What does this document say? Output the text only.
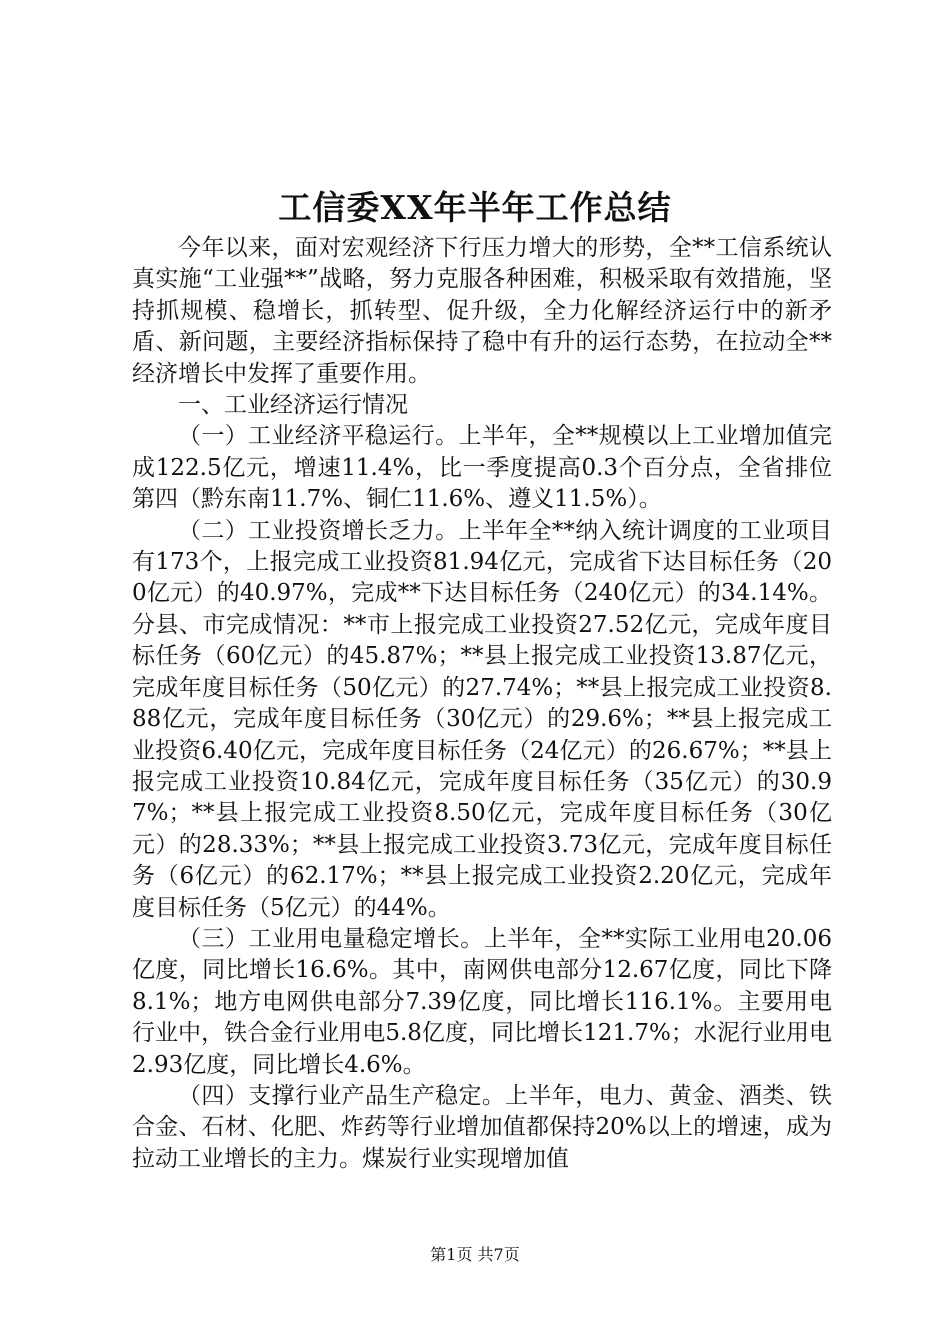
工信委XX年半年工作总结

今年以来，面对宏观经济下行压力增大的形势，全**工信系统认真实施“工业强**”战略，努力克服各种困难，积极采取有效措施，坚持抓规模、稳增长，抓转型、促升级，全力化解经济运行中的新矛盾、新问题，主要经济指标保持了稳中有升的运行态势，在拉动全**经济增长中发挥了重要作用。

一、工业经济运行情况

（一）工业经济平稳运行。上半年，全**规模以上工业增加值完成122.5亿元，增速11.4%，比一季度提高0.3个百分点，全省排位第四（黔东南11.7%、铜仁11.6%、遵义11.5%）。

（二）工业投资增长乏力。上半年全**纳入统计调度的工业项目有173个，上报完成工业投资81.94亿元，完成省下达目标任务（200亿元）的40.97%，完成**下达目标任务（240亿元）的34.14%。分县、市完成情况：**市上报完成工业投资27.52亿元，完成年度目标任务（60亿元）的45.87%；**县上报完成工业投资13.87亿元，完成年度目标任务（50亿元）的27.74%；**县上报完成工业投资8.88亿元，完成年度目标任务（30亿元）的29.6%；**县上报完成工业投资6.40亿元，完成年度目标任务（24亿元）的26.67%；**县上报完成工业投资10.84亿元，完成年度目标任务（35亿元）的30.97%；**县上报完成工业投资8.50亿元，完成年度目标任务（30亿元）的28.33%；**县上报完成工业投资3.73亿元，完成年度目标任务（6亿元）的62.17%；**县上报完成工业投资2.20亿元，完成年度目标任务（5亿元）的44%。

（三）工业用电量稳定增长。上半年，全**实际工业用电20.06亿度，同比增长16.6%。其中，南网供电部分12.67亿度，同比下降8.1%；地方电网供电部分7.39亿度，同比增长116.1%。主要用电行业中，铁合金行业用电5.8亿度，同比增长121.7%；水泥行业用电2.93亿度，同比增长4.6%。

（四）支撑行业产品生产稳定。上半年，电力、黄金、酒类、铁合金、石材、化肥、炸药等行业增加值都保持20%以上的增速，成为拉动工业增长的主力。煤炭行业实现增加值

第1页 共7页
